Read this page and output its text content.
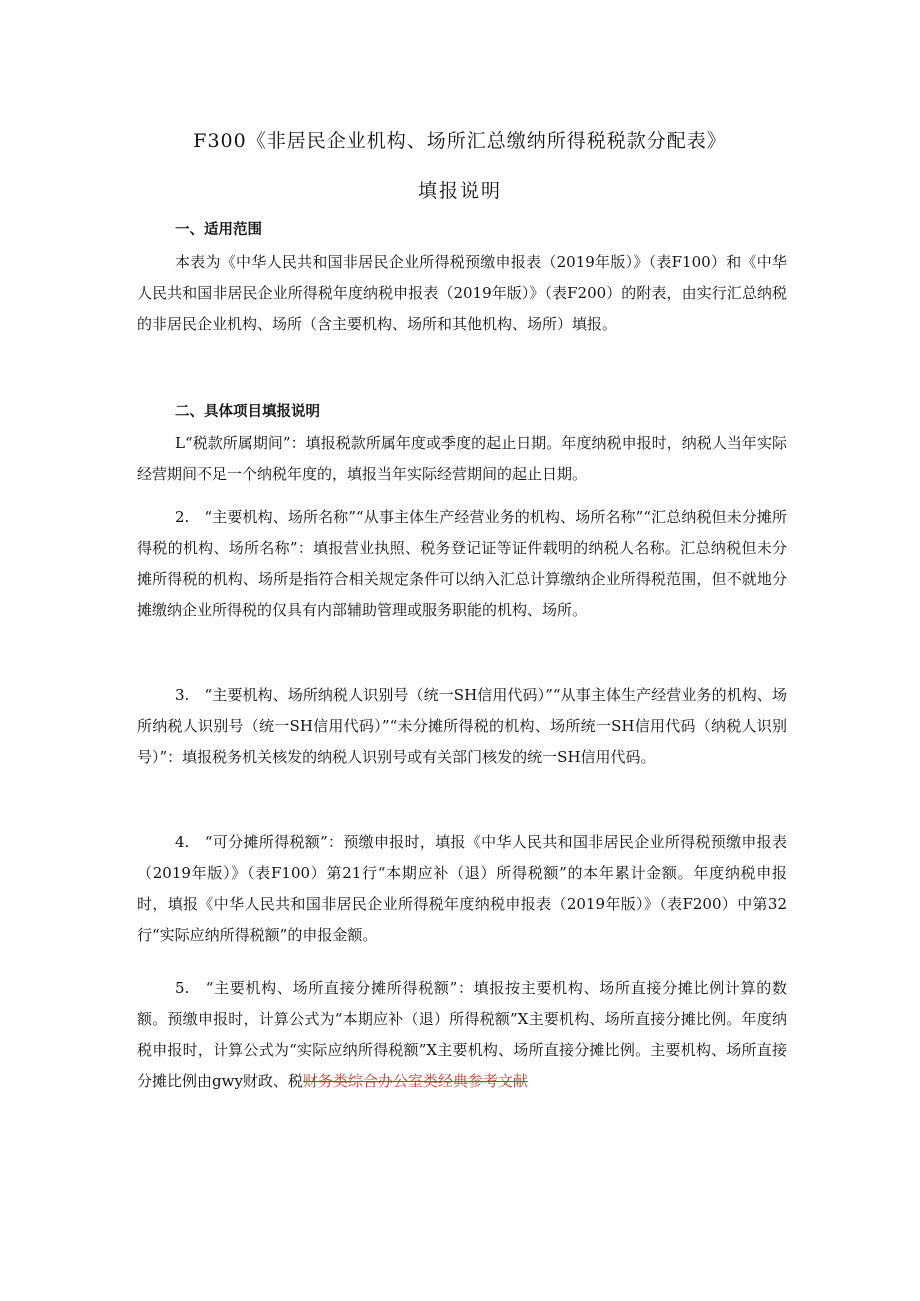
F300《非居民企业机构、场所汇总缴纳所得税税款分配表》
填报说明
一、适用范围

本表为《中华人民共和国非居民企业所得税预缴申报表（2019年版）》（表F100）和《中华人民共和国非居民企业所得税年度纳税申报表（2019年版）》（表F200）的附表，由实行汇总纳税的非居民企业机构、场所（含主要机构、场所和其他机构、场所）填报。

二、具体项目填报说明

L“税款所属期间”：填报税款所属年度或季度的起止日期。年度纳税申报时，纳税人当年实际经营期间不足一个纳税年度的，填报当年实际经营期间的起止日期。

2.　“主要机构、场所名称”“从事主体生产经营业务的机构、场所名称”“汇总纳税但未分摊所得税的机构、场所名称”：填报营业执照、税务登记证等证件载明的纳税人名称。汇总纳税但未分摊所得税的机构、场所是指符合相关规定条件可以纳入汇总计算缴纳企业所得税范围，但不就地分摊缴纳企业所得税的仅具有内部辅助管理或服务职能的机构、场所。

3.　“主要机构、场所纳税人识别号（统一SH信用代码）”“从事主体生产经营业务的机构、场所纳税人识别号（统一SH信用代码）”“未分摊所得税的机构、场所统一SH信用代码（纳税人识别号）”：填报税务机关核发的纳税人识别号或有关部门核发的统一SH信用代码。

4.　“可分摊所得税额”：预缴申报时，填报《中华人民共和国非居民企业所得税预缴申报表（2019年版）》（表F100）第21行“本期应补（退）所得税额”的本年累计金额。年度纳税申报时，填报《中华人民共和国非居民企业所得税年度纳税申报表（2019年版）》（表F200）中第32行“实际应纳所得税额”的申报金额。

5.　“主要机构、场所直接分摊所得税额”：填报按主要机构、场所直接分摊比例计算的数额。预缴申报时，计算公式为“本期应补（退）所得税额”X主要机构、场所直接分摊比例。年度纳税申报时，计算公式为“实际应纳所得税额”X主要机构、场所直接分摊比例。主要机构、场所直接分摊比例由gwy财政、税财务类综合办公室类经典参考文献
